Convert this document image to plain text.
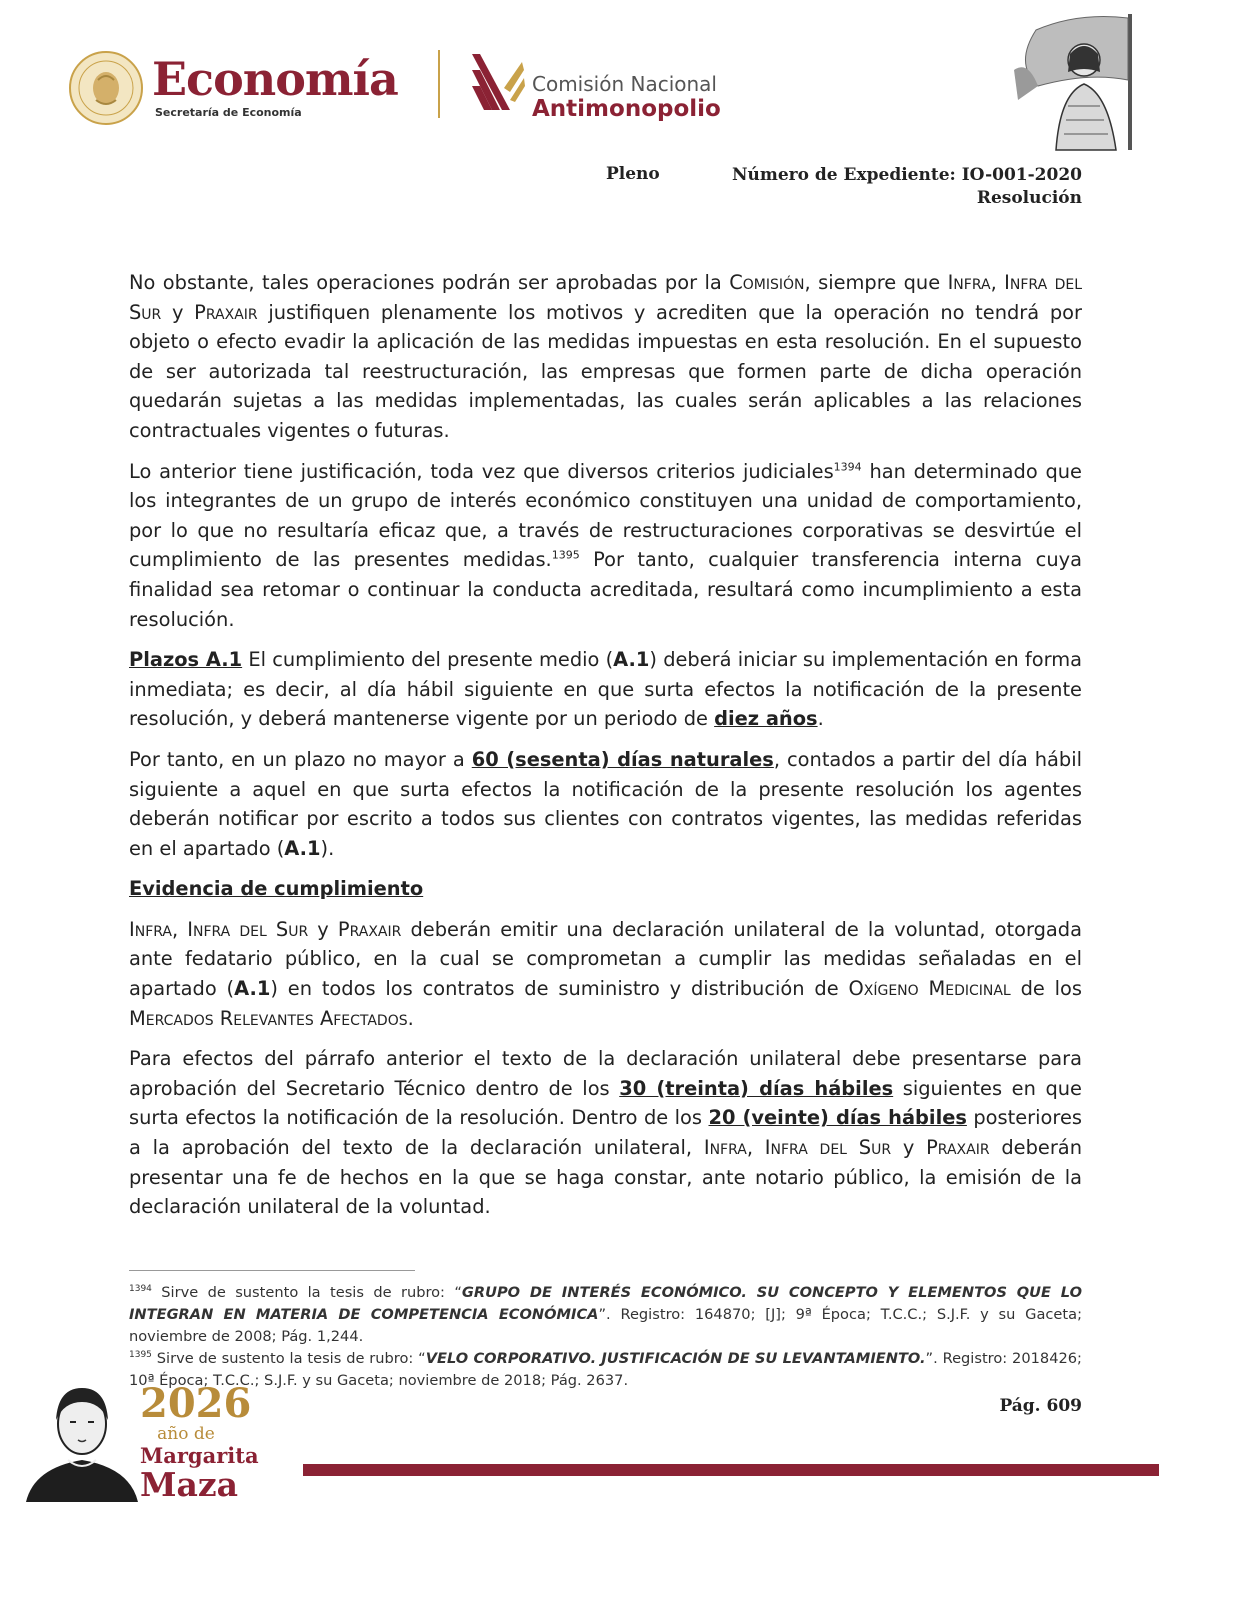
Economía
Secretaría de Economía
Comisión Nacional
Antimonopolio
Pleno	Número de Expediente: IO-001-2020
Resolución

No obstante, tales operaciones podrán ser aprobadas por la Comisión, siempre que Infra, Infra del Sur y Praxair justifiquen plenamente los motivos y acrediten que la operación no tendrá por objeto o efecto evadir la aplicación de las medidas impuestas en esta resolución. En el supuesto de ser autorizada tal reestructuración, las empresas que formen parte de dicha operación quedarán sujetas a las medidas implementadas, las cuales serán aplicables a las relaciones contractuales vigentes o futuras.

Lo anterior tiene justificación, toda vez que diversos criterios judiciales$^{1394}$ han determinado que los integrantes de un grupo de interés económico constituyen una unidad de comportamiento, por lo que no resultaría eficaz que, a través de restructuraciones corporativas se desvirtúe el cumplimiento de las presentes medidas.$^{1395}$ Por tanto, cualquier transferencia interna cuya finalidad sea retomar o continuar la conducta acreditada, resultará como incumplimiento a esta resolución.

Plazos A.1 El cumplimiento del presente medio (A.1) deberá iniciar su implementación en forma inmediata; es decir, al día hábil siguiente en que surta efectos la notificación de la presente resolución, y deberá mantenerse vigente por un periodo de diez años.

Por tanto, en un plazo no mayor a 60 (sesenta) días naturales, contados a partir del día hábil siguiente a aquel en que surta efectos la notificación de la presente resolución los agentes deberán notificar por escrito a todos sus clientes con contratos vigentes, las medidas referidas en el apartado (A.1).

Evidencia de cumplimiento

Infra, Infra del Sur y Praxair deberán emitir una declaración unilateral de la voluntad, otorgada ante fedatario público, en la cual se comprometan a cumplir las medidas señaladas en el apartado (A.1) en todos los contratos de suministro y distribución de Oxígeno Medicinal de los Mercados Relevantes Afectados.

Para efectos del párrafo anterior el texto de la declaración unilateral debe presentarse para aprobación del Secretario Técnico dentro de los 30 (treinta) días hábiles siguientes en que surta efectos la notificación de la resolución. Dentro de los 20 (veinte) días hábiles posteriores a la aprobación del texto de la declaración unilateral, Infra, Infra del Sur y Praxair deberán presentar una fe de hechos en la que se haga constar, ante notario público, la emisión de la declaración unilateral de la voluntad.

$^{1394}$ Sirve de sustento la tesis de rubro: “GRUPO DE INTERÉS ECONÓMICO. SU CONCEPTO Y ELEMENTOS QUE LO INTEGRAN EN MATERIA DE COMPETENCIA ECONÓMICA”. Registro: 164870; [J]; 9ª Época; T.C.C.; S.J.F. y su Gaceta; noviembre de 2008; Pág. 1,244.

$^{1395}$ Sirve de sustento la tesis de rubro: “VELO CORPORATIVO. JUSTIFICACIÓN DE SU LEVANTAMIENTO.”. Registro: 2018426; 10ª Época; T.C.C.; S.J.F. y su Gaceta; noviembre de 2018; Pág. 2637.

2026
año de
Margarita
Maza
Pág. 609
